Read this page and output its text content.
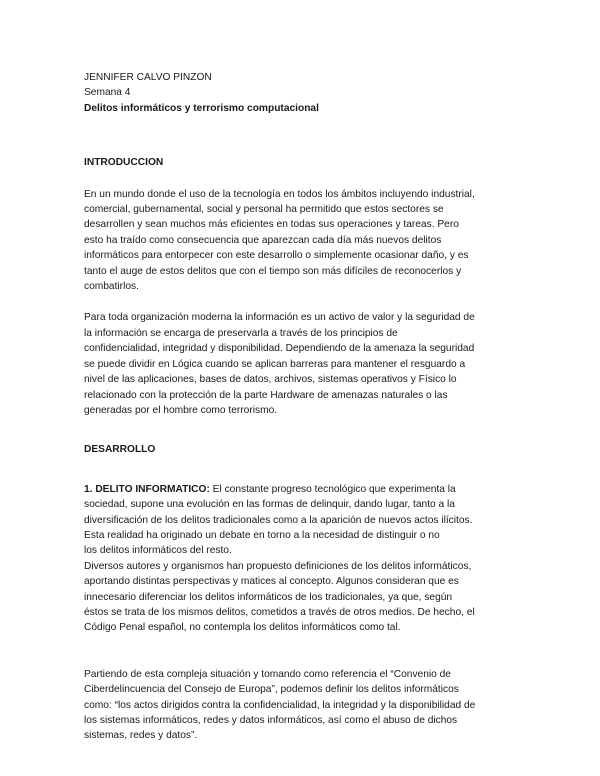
JENNIFER CALVO PINZON
Semana 4
Delitos informáticos y terrorismo computacional
INTRODUCCION
En un mundo donde el uso de la tecnología en todos los ámbitos incluyendo industrial,
comercial, gubernamental, social y personal ha permitido que estos sectores se
desarrollen y sean muchos más eficientes en todas sus operaciones y tareas. Pero
esto ha traído como consecuencia que aparezcan cada día más nuevos delitos
informáticos para entorpecer con este desarrollo o simplemente ocasionar daño, y es
tanto el auge de estos delitos que con el tiempo son más difíciles de reconocerlos y
combatirlos.
Para toda organización moderna la información es un activo de valor y la seguridad de
la información se encarga de preservarla a través de los principios de
confidencialidad, integridad y disponibilidad. Dependiendo de la amenaza la seguridad
se puede dividir en Lógica cuando se aplican barreras para mantener el resguardo a
nivel de las aplicaciones, bases de datos, archivos, sistemas operativos y Físico lo
relacionado con la protección de la parte Hardware de amenazas naturales o las
generadas por el hombre como terrorismo.
DESARROLLO
1. DELITO INFORMATICO: El constante progreso tecnológico que experimenta la
sociedad, supone una evolución en las formas de delinquir, dando lugar, tanto a la
diversificación de los delitos tradicionales como a la aparición de nuevos actos ilícitos.
Esta realidad ha originado un debate en torno a la necesidad de distinguir o no
los delitos informáticos del resto.
Diversos autores y organismos han propuesto definiciones de los delitos informáticos,
aportando distintas perspectivas y matices al concepto. Algunos consideran que es
innecesario diferenciar los delitos informáticos de los tradicionales, ya que, según
éstos se trata de los mismos delitos, cometidos a través de otros medios. De hecho, el
Código Penal español, no contempla los delitos informáticos como tal.
Partiendo de esta compleja situación y tomando como referencia el “Convenio de
Ciberdelincuencia del Consejo de Europa”, podemos definir los delitos informáticos
como: “los actos dirigidos contra la confidencialidad, la integridad y la disponibilidad de
los sistemas informáticos, redes y datos informáticos, así como el abuso de dichos
sistemas, redes y datos”.
